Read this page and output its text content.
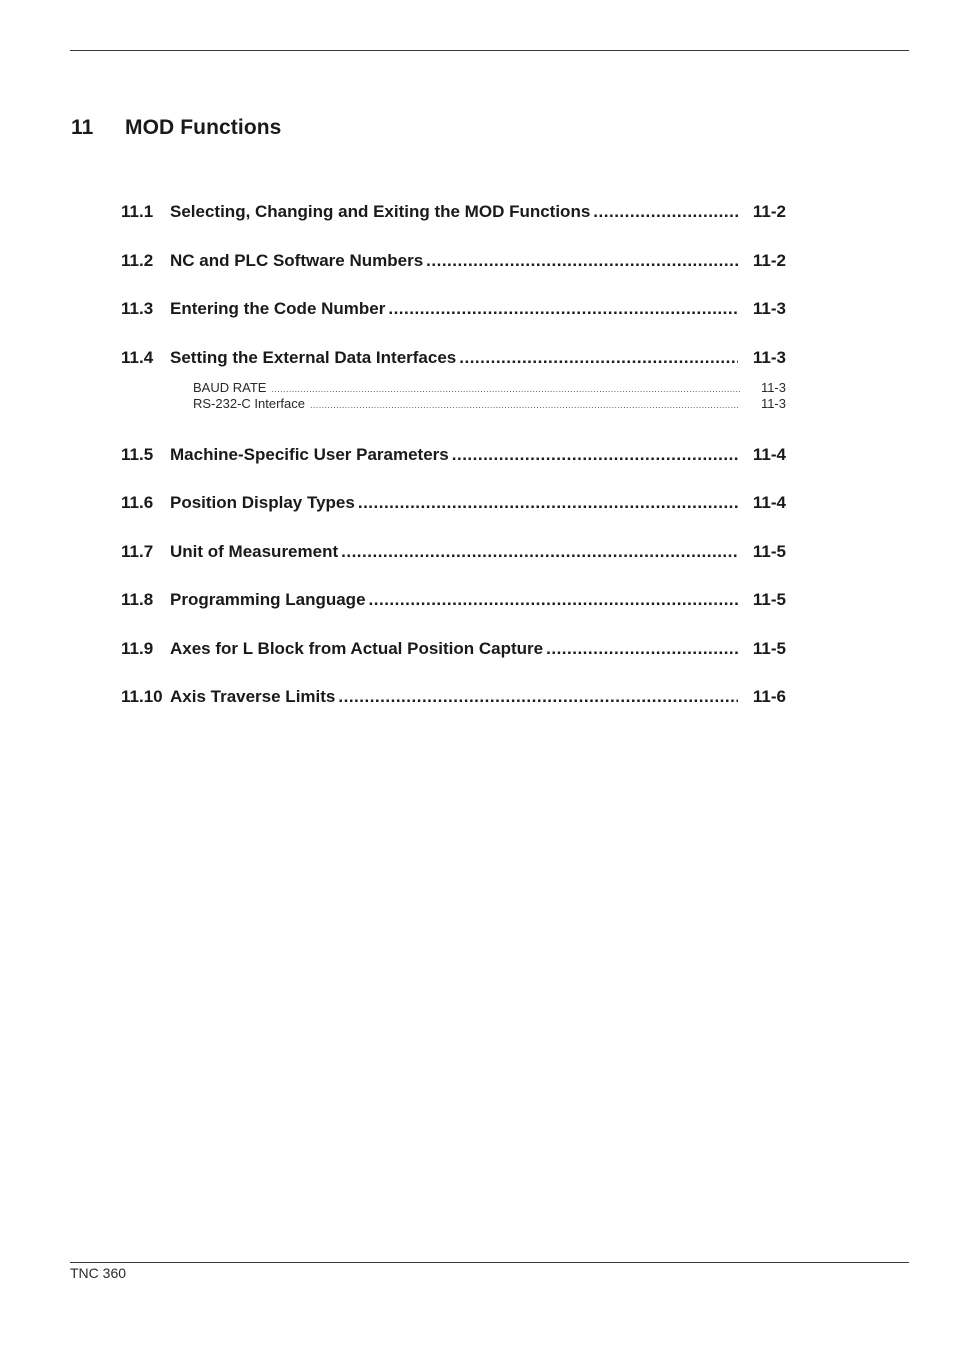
11 MOD Functions
11.1 Selecting, Changing and Exiting the MOD Functions .....	11-2
11.2 NC and PLC Software Numbers .....	11-2
11.3 Entering the Code Number .....	11-3
11.4 Setting the External Data Interfaces .....	11-3
BAUD RATE .....	11-3
RS-232-C Interface .....	11-3
11.5 Machine-Specific User Parameters .....	11-4
11.6 Position Display Types .....	11-4
11.7 Unit of Measurement .....	11-5
11.8 Programming Language .....	11-5
11.9 Axes for L Block from Actual Position Capture .....	11-5
11.10 Axis Traverse Limits .....	11-6
TNC 360
